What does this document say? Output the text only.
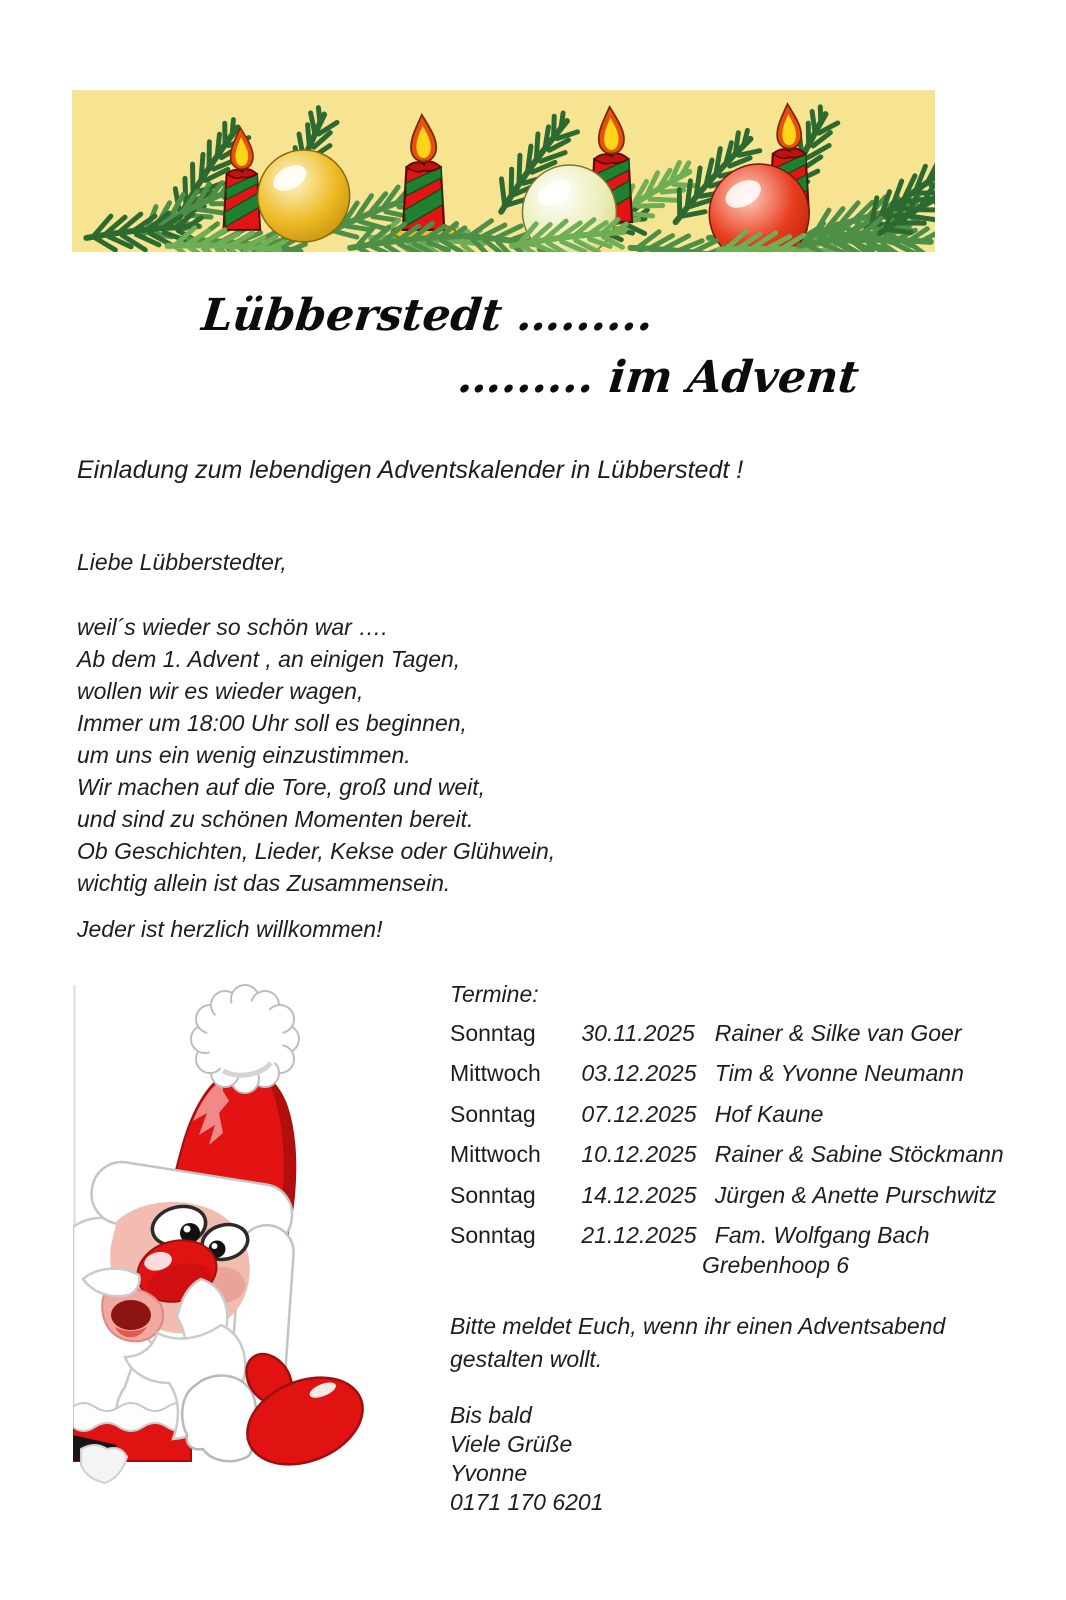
Lübberstedt …......
…...... im Advent
Einladung zum lebendigen Adventskalender in Lübberstedt !
Liebe Lübberstedter,
weil´s wieder so schön war ….
Ab dem 1. Advent , an einigen Tagen,
wollen wir es wieder wagen,
Immer um 18:00 Uhr soll es beginnen,
um uns ein wenig einzustimmen.
Wir machen auf die Tore, groß und weit,
und sind zu schönen Momenten bereit.
Ob Geschichten, Lieder, Kekse oder Glühwein,
wichtig allein ist das Zusammensein.
Jeder ist herzlich willkommen!
Termine:
Sonntag 30.11.2025 Rainer & Silke van Goer
Mittwoch 03.12.2025 Tim & Yvonne Neumann
Sonntag 07.12.2025 Hof Kaune
Mittwoch 10.12.2025 Rainer & Sabine Stöckmann
Sonntag 14.12.2025 Jürgen & Anette Purschwitz
Sonntag 21.12.2025 Fam. Wolfgang Bach
Grebenhoop 6
Bitte meldet Euch, wenn ihr einen Adventsabend
gestalten wollt.
Bis bald
Viele Grüße
Yvonne
0171 170 6201
